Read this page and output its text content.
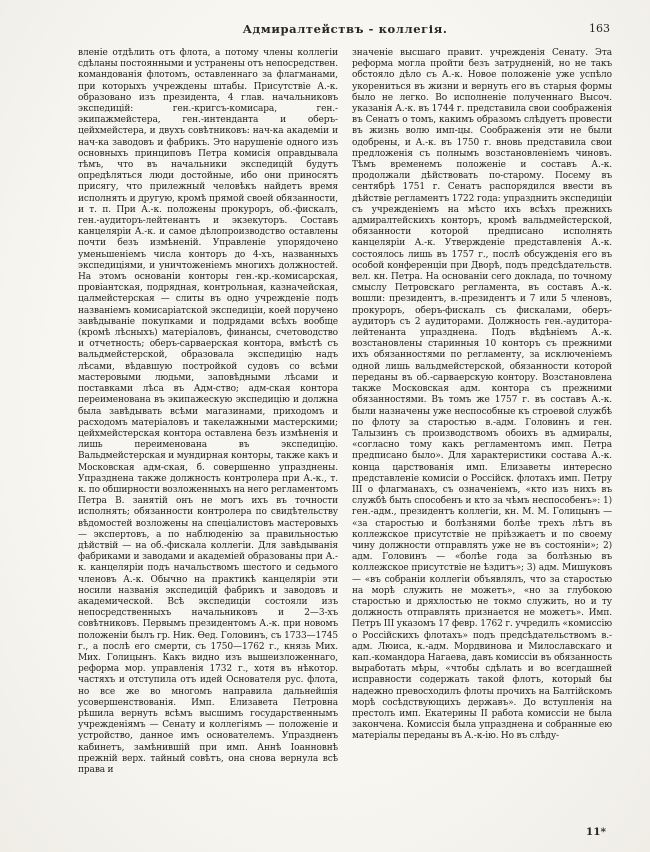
Адмиралтействъ - коллегія.	163
вленіе отдѣлить отъ флота, а потому члены коллегіи сдѣланы постоянными и устранены отъ непосредствен. командованія флотомъ, оставленнаго за флагманами, при которыхъ учреждены штабы. Присутствіе А.-к. образовано изъ президента, 4 глав. начальниковъ экспедицій: ген.-кригсъ-комисара, ген.-экипажмейстера, ген.-интенданта и оберъ-цейхмейстера, и двухъ совѣтниковъ: нач-ка академіи и нач-ка заводовъ и фабрикъ. Это нарушеніе одного изъ основныхъ принциповъ Петра комисія оправдывала тѣмъ, что въ начальники экспедицій будутъ опредѣляться люди достойные, ибо они приносятъ присягу, что прилежный человѣкъ найдетъ время исполнять и другую, кромѣ прямой своей обязанности, и т. п. При А.-к. положены прокуроръ, об.-фискалъ, ген.-аудиторъ-лейтенантъ и экзекуторъ. Составъ канцеляріи А.-к. и самое дѣлопроизводство оставлены почти безъ измѣненій. Управленіе упорядочено уменьшеніемъ числа конторъ до 4-хъ, названныхъ экспедиціями, и уничтоженіемъ многихъ должностей. На этомъ основаніи конторы ген.-кр.-комисарская, провіантская, подрядная, контрольная, казначейская, цалмейстерская — слиты въ одно учрежденіе подъ названіемъ комисаріатской экспедиціи, коей поручено завѣдываніе покупками и подрядами всѣхъ вообще (кромѣ лѣсныхъ) матеріаловъ, финансы, счетоводство и отчетность; оберъ-сарваерская контора, вмѣстѣ съ вальдмейстерской, образовала экспедицію надъ лѣсами, вѣдавшую постройкой судовъ со всѣми мастеровыми людьми, заповѣдными лѣсами и поставками лѣса въ Адм-ство; адм-ская контора переименована въ экипажескую экспедицію и должна была завѣдывать всѣми магазинами, приходомъ и расходомъ матеріаловъ и такелажными мастерскими; цейхмейстерская контора оставлена безъ измѣненія и лишь переименована въ экспедицію. Вальдмейстерская и мундирная конторы, также какъ и Московская адм-ская, б. совершенно упразднены. Упразднена также должность контролера при А.-к., т. к. по обширности возложенныхъ на него регламентомъ Петра В. занятій онъ не могъ ихъ въ точности исполнять; обязанности контролера по свидѣтельству вѣдомостей возложены на спеціалистовъ мастеровыхъ — экспертовъ, а по наблюденію за правильностью дѣйствій — на об.-фискала коллегіи. Для завѣдыванія фабриками и заводами и академіей образованы при А.-к. канцеляріи подъ начальствомъ шестого и седьмого членовъ А.-к. Обычно на практикѣ канцеляріи эти носили названія экспедицій фабрикъ и заводовъ и академической. Всѣ экспедиціи состояли изъ непосредственныхъ начальниковъ и 2—3-хъ совѣтниковъ. Первымъ президентомъ А.-к. при новомъ положеніи былъ гр. Ник. Ѳед. Головинъ, съ 1733—1745 г., а послѣ его смерти, съ 1750—1762 г., князь Мих. Мих. Голицынъ. Какъ видно изъ вышеизложеннаго, реформа мор. управленія 1732 г., хотя въ нѣкотор. частяхъ и отступила отъ идей Основателя рус. флота, но все же во многомъ направила дальнейшія усовершенствованія. Имп. Елизавета Петровна рѣшила вернуть всѣмъ высшимъ государственнымъ учрежденіямъ — Сенату и коллегіямъ — положеніе и устройство, данное имъ основателемъ. Упраздненъ кабинетъ, замѣнившій при имп. Аннѣ Іоанновнѣ прежній верх. тайный совѣтъ, она снова вернула всѣ права и
значеніе высшаго правит. учрежденія Сенату. Эта реформа могла пройти безъ затрудненій, но не такъ обстояло дѣло съ А.-к. Новое положеніе уже успѣло укорениться въ жизни и вернуть его въ старыя формы было не легко. Во исполненіе полученнаго Высоч. указанія А.-к. въ 1744 г. представила свои соображенія въ Сенатъ о томъ, какимъ образомъ слѣдуетъ провести въ жизнь волю имп-цы. Соображенія эти не были одобрены, и А.-к. въ 1750 г. вновь представила свои предложенія съ полнымъ возстановленіемъ чиновъ. Тѣмъ временемъ положеніе и составъ А.-к. продолжали дѣйствовать по-старому. Посему въ сентябрѣ 1751 г. Сенатъ распорядился ввести въ дѣйствіе регламентъ 1722 года: упразднить экспедиціи съ учрежденіемъ на мѣсто ихъ всѣхъ прежнихъ адмиралтейскихъ конторъ, кромѣ вальдмейстерской, обязанности которой предписано исполнять канцеляріи А.-к. Утвержденіе представленія А.-к. состоялось лишь въ 1757 г., послѣ обсужденія его въ особой конференціи при Дворѣ, подъ предсѣдательств. вел. кн. Петра. На основаніи сего доклада, по точному смыслу Петровскаго регламента, въ составъ А.-к. вошли: президентъ, в.-президентъ и 7 или 5 членовъ, прокуроръ, оберъ-фискалъ съ фискалами, оберъ-аудиторъ съ 2 аудиторами. Должность ген.-аудитора-лейтенанта упразднена. Подъ вѣдѣніемъ А.-к. возстановлены старинныя 10 конторъ съ прежними ихъ обязанностями по регламенту, за исключеніемъ одной лишь вальдмейстерской, обязанности которой переданы въ об.-сарваерскую контору. Возстановлена также Московская адм. контора съ прежними обязанностями. Въ томъ же 1757 г. въ составъ А.-к. были назначены уже неспособные къ строевой службѣ по флоту за старостью в.-адм. Головинъ и ген. Талызинъ съ производствомъ обоихъ въ адмиралы, «согласно тому какъ регламентомъ имп. Петра предписано было». Для характеристики состава А.-к. конца царствованія имп. Елизаветы интересно представленіе комисіи о Россійск. флотахъ имп. Петру III о флагманахъ, съ означеніемъ, «кто изъ нихъ въ службѣ быть способенъ и кто за чѣмъ неспособенъ»: 1) ген.-адм., президентъ коллегіи, кн. М. М. Голицынъ — «за старостью и болѣзнями болѣе трехъ лѣтъ въ коллежское присутствіе не пріѣзжаетъ и по своему чину должности отправлять уже не въ состояніи»; 2) адм. Головинъ — «болѣе года за болѣзнью въ коллежское присутствіе не ѣздитъ»; 3) адм. Мишуковъ — «въ собраніи коллегіи объявлялъ, что за старостью на морѣ служить не можетъ», «но за глубокою старостью и дряхлостью не токмо служить, но и ту должность отправлять признается не можетъ». Имп. Петръ III указомъ 17 февр. 1762 г. учредилъ «комиссію о Россійскихъ флотахъ» подъ предсѣдательствомъ в.-адм. Люиса, к.-адм. Мордвинова и Милославскаго и кап.-командора Нагаева, давъ комиссіи въ обязанность выработать мѣры, «чтобы сдѣлать и во всегдашней исправности содержать такой флотъ, который бы надежно превосходилъ флоты прочихъ на Балтійскомъ морѣ сосѣдствующихъ державъ». До вступленія на престолъ имп. Екатерины II работа комиссіи не была закончена. Комиссія была упразднена и собранные ею матеріалы переданы въ А.-к-ію. Но въ слѣду-
11*
